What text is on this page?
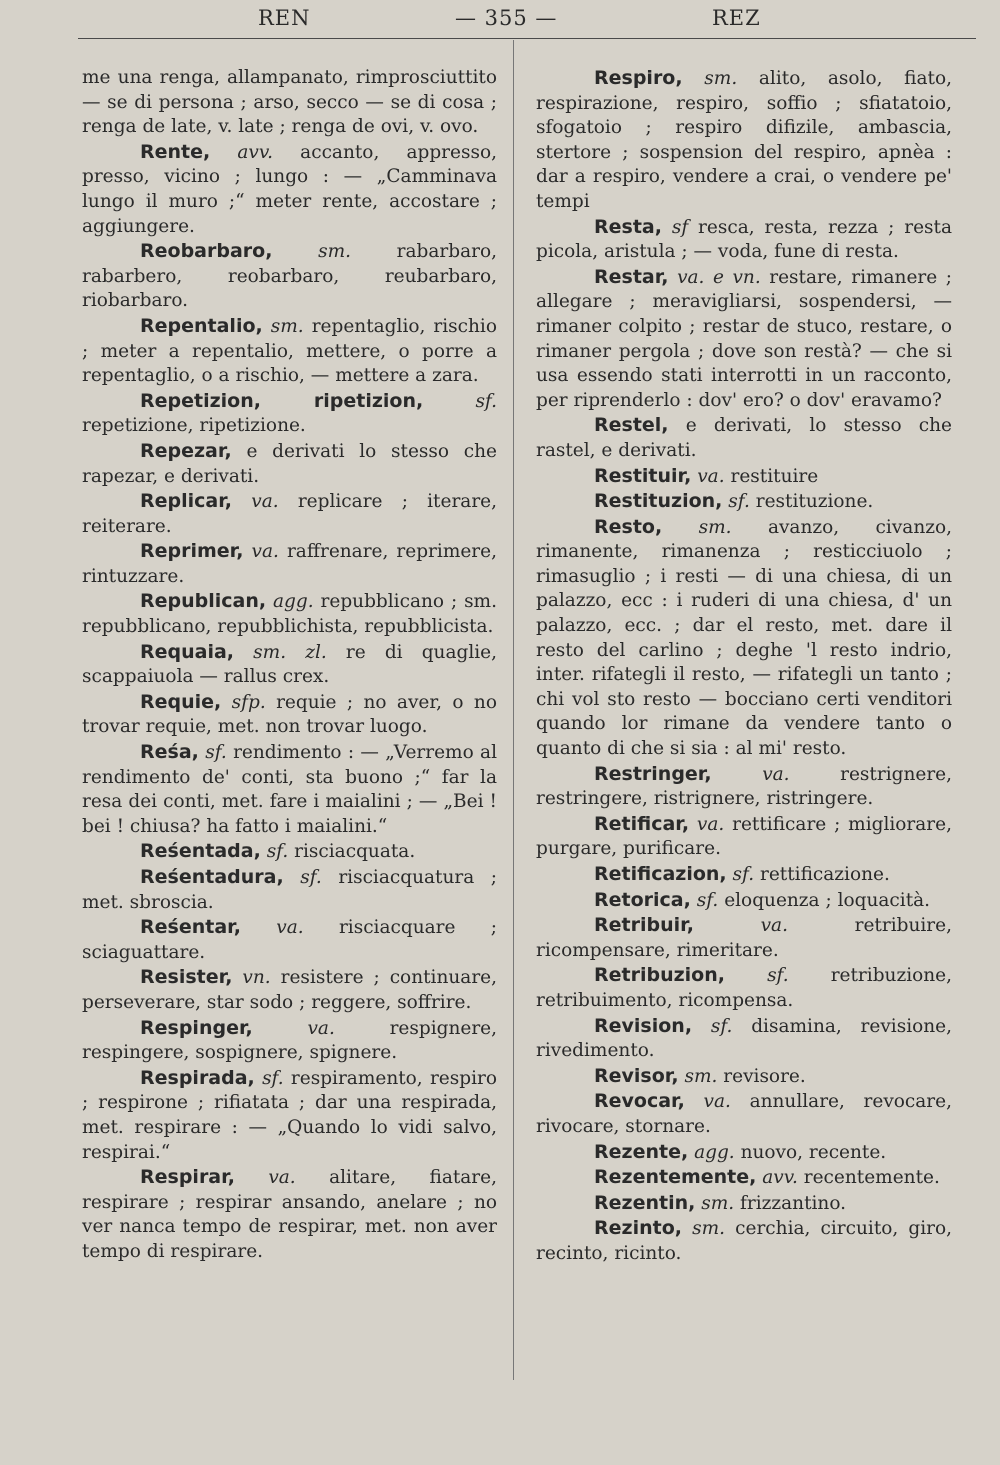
REN	— 355 —	REZ

me una renga, allampanato, rimprosciuttito — se di persona ; arso, secco — se di cosa ; renga de late, v. late ; renga de ovi, v. ovo.

Rente, avv. accanto, appresso, presso, vicino ; lungo : — „Camminava lungo il muro ;“ meter rente, accostare ; aggiungere.

Reobarbaro, sm. rabarbaro, rabarbero, reobarbaro, reubarbaro, riobarbaro.

Repentalio, sm. repentaglio, rischio ; meter a repentalio, mettere, o porre a repentaglio, o a rischio, — mettere a zara.

Repetizion, ripetizion,	sf. repetizione, ripetizione.

Repezar, e derivati lo stesso che rapezar, e derivati.

Replicar, va. replicare ; iterare, reiterare.

Reprimer, va. raffrenare, reprimere, rintuzzare.

Republican, agg. repubblicano ; sm. repubblicano, repubblichista, repubblicista.

Requaia, sm. zl. re di quaglie, scappaiuola — rallus crex.

Requie, sfp. requie ; no aver, o no trovar requie, met. non trovar luogo.

Reśa, sf. rendimento : — „Verremo al rendimento de' conti, sta buono ;“ far la resa dei conti, met. fare i maialini ; — „Bei ! bei ! chiusa? ha fatto i maialini.“

Reśentada, sf. risciacquata.

Reśentadura, sf. risciacquatura ; met. sbroscia.

Reśentar, va. risciacquare ; sciaguattare.

Resister, vn. resistere ; continuare, perseverare, star sodo ; reggere, soffrire.

Respinger,	va.	respignere, respingere, sospignere, spignere.

Respirada, sf. respiramento, respiro ; respirone ; rifiatata ; dar una respirada, met. respirare : — „Quando lo vidi salvo, respirai.“

Respirar, va. alitare, fiatare, respirare ; respirar ansando, anelare ; no ver nanca tempo de respirar, met. non aver tempo di respirare.

Respiro, sm. alito, asolo, fiato, respirazione, respiro, soffio ; sfiatatoio, sfogatoio ; respiro difizile, ambascia, stertore ; sospension del respiro, apnèa : dar a respiro, vendere a crai, o vendere pe' tempi

Resta, sf resca, resta, rezza ; resta picola, aristula ; — voda, fune di resta.

Restar, va. e vn. restare, rimanere ; allegare ; meravigliarsi, sospendersi, — rimaner colpito ; restar de stuco, restare, o rimaner pergola ; dove son restà? — che si usa essendo stati interrotti in un racconto, per riprenderlo : dov' ero? o dov' eravamo?

Restel, e derivati, lo stesso che rastel, e derivati.

Restituir, va. restituire

Restituzion, sf. restituzione.

Resto, sm. avanzo, civanzo, rimanente, rimanenza ; resticciuolo ; rimasuglio ; i resti — di una chiesa, di un palazzo, ecc : i ruderi di una chiesa, d' un palazzo, ecc. ; dar el resto, met. dare il resto del carlino ; deghe 'l resto indrio, inter. rifategli il resto, — rifategli un tanto ; chi vol sto resto — bocciano certi venditori quando lor rimane da vendere tanto o quanto di che si sia : al mi' resto.

Restringer,	va.	restrignere, restringere, ristrignere, ristringere.

Retificar, va. rettificare ; migliorare, purgare, purificare.

Retificazion, sf. rettificazione.

Retorica, sf. eloquenza ; loquacità.

Retribuir,	va.	retribuire, ricompensare, rimeritare.

Retribuzion, sf. retribuzione, retribuimento, ricompensa.

Revision, sf. disamina, revisione, rivedimento.

Revisor, sm. revisore.

Revocar, va. annullare, revocare, rivocare, stornare.

Rezente, agg. nuovo, recente.

Rezentemente, avv. recentemente.

Rezentin, sm. frizzantino.

Rezinto, sm. cerchia, circuito, giro, recinto, ricinto.
